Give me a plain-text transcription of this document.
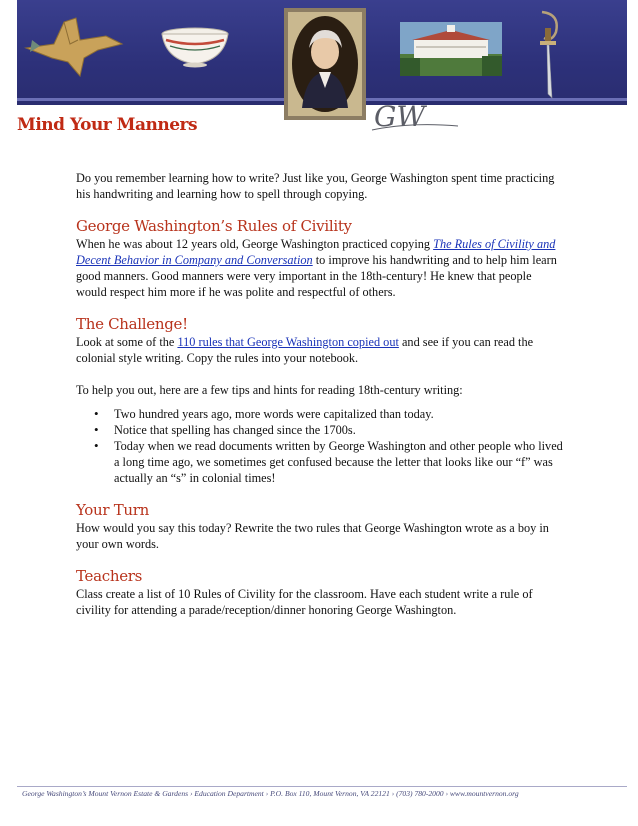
GW
Mind Your Manners

Do you remember learning how to write? Just like you, George Washington spent time practicing his handwriting and learning how to spell through copying.

George Washington’s Rules of Civility

When he was about 12 years old, George Washington practiced copying The Rules of Civility and Decent Behavior in Company and Conversation to improve his handwriting and to help him learn good manners. Good manners were very important in the 18th-century! He knew that people would respect him more if he was polite and respectful of others.

The Challenge!

Look at some of the 110 rules that George Washington copied out and see if you can read the colonial style writing. Copy the rules into your notebook.

To help you out, here are a few tips and hints for reading 18th-century writing:

• Two hundred years ago, more words were capitalized than today.
• Notice that spelling has changed since the 1700s.
• Today when we read documents written by George Washington and other people who lived a long time ago, we sometimes get confused because the letter that looks like our “f” was actually an “s” in colonial times!
Your Turn

How would you say this today? Rewrite the two rules that George Washington wrote as a boy in your own words.

Teachers

Class create a list of 10 Rules of Civility for the classroom. Have each student write a rule of civility for attending a parade/reception/dinner honoring George Washington.

George Washington’s Mount Vernon Estate & Gardens › Education Department › P.O. Box 110, Mount Vernon, VA 22121 › (703) 780-2000 › www.mountvernon.org
